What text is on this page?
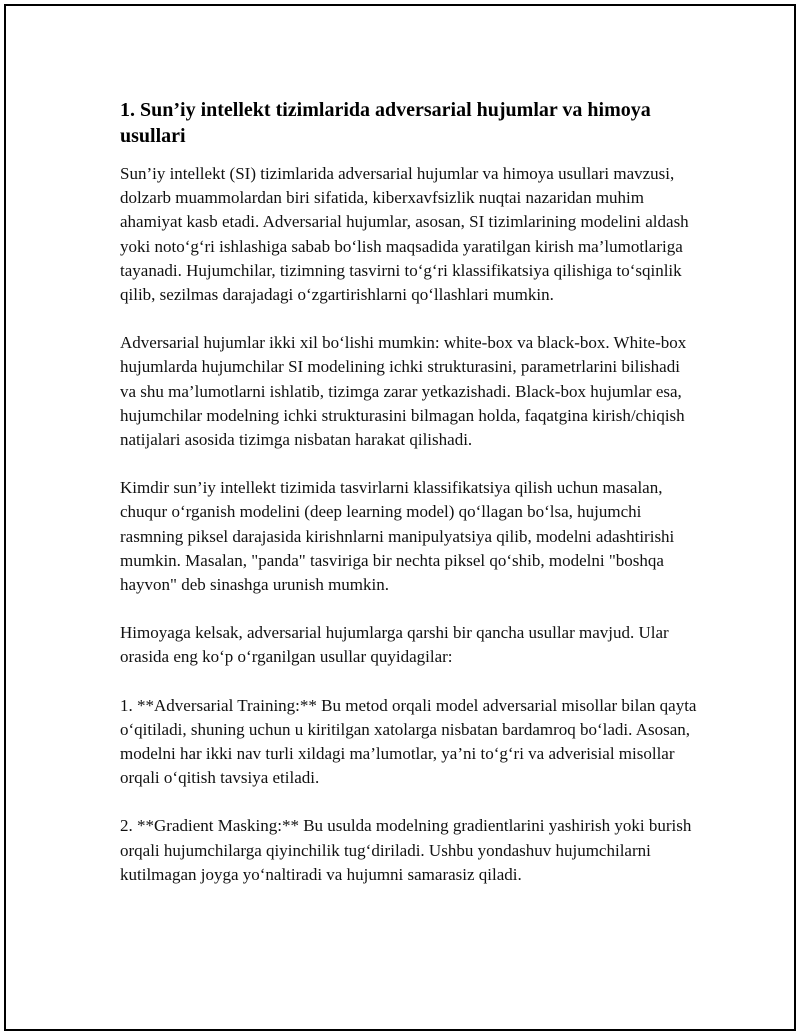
1. Sun’iy intellekt tizimlarida adversarial hujumlar va himoya usullari

Sun’iy intellekt (SI) tizimlarida adversarial hujumlar va himoya usullari mavzusi, dolzarb muammolardan biri sifatida, kiberxavfsizlik nuqtai nazaridan muhim ahamiyat kasb etadi. Adversarial hujumlar, asosan, SI tizimlarining modelini aldash yoki noto‘g‘ri ishlashiga sabab bo‘lish maqsadida yaratilgan kirish ma’lumotlariga tayanadi. Hujumchilar, tizimning tasvirni to‘g‘ri klassifikatsiya qilishiga to‘sqinlik qilib, sezilmas darajadagi o‘zgartirishlarni qo‘llashlari mumkin.

Adversarial hujumlar ikki xil bo‘lishi mumkin: white-box va black-box. White-box hujumlarda hujumchilar SI modelining ichki strukturasini, parametrlarini bilishadi va shu ma’lumotlarni ishlatib, tizimga zarar yetkazishadi. Black-box hujumlar esa, hujumchilar modelning ichki strukturasini bilmagan holda, faqatgina kirish/chiqish natijalari asosida tizimga nisbatan harakat qilishadi.

Kimdir sun’iy intellekt tizimida tasvirlarni klassifikatsiya qilish uchun masalan, chuqur o‘rganish modelini (deep learning model) qo‘llagan bo‘lsa, hujumchi rasmning piksel darajasida kirishnlarni manipulyatsiya qilib, modelni adashtirishi mumkin. Masalan, "panda" tasviriga bir nechta piksel qo‘shib, modelni "boshqa hayvon" deb sinashga urunish mumkin.

Himoyaga kelsak, adversarial hujumlarga qarshi bir qancha usullar mavjud. Ular orasida eng ko‘p o‘rganilgan usullar quyidagilar:

1. **Adversarial Training:** Bu metod orqali model adversarial misollar bilan qayta o‘qitiladi, shuning uchun u kiritilgan xatolarga nisbatan bardamroq bo‘ladi. Asosan, modelni har ikki nav turli xildagi ma’lumotlar, ya’ni to‘g‘ri va adverisial misollar orqali o‘qitish tavsiya etiladi.

2. **Gradient Masking:** Bu usulda modelning gradientlarini yashirish yoki burish orqali hujumchilarga qiyinchilik tug‘diriladi. Ushbu yondashuv hujumchilarni kutilmagan joyga yo‘naltiradi va hujumni samarasiz qiladi.
